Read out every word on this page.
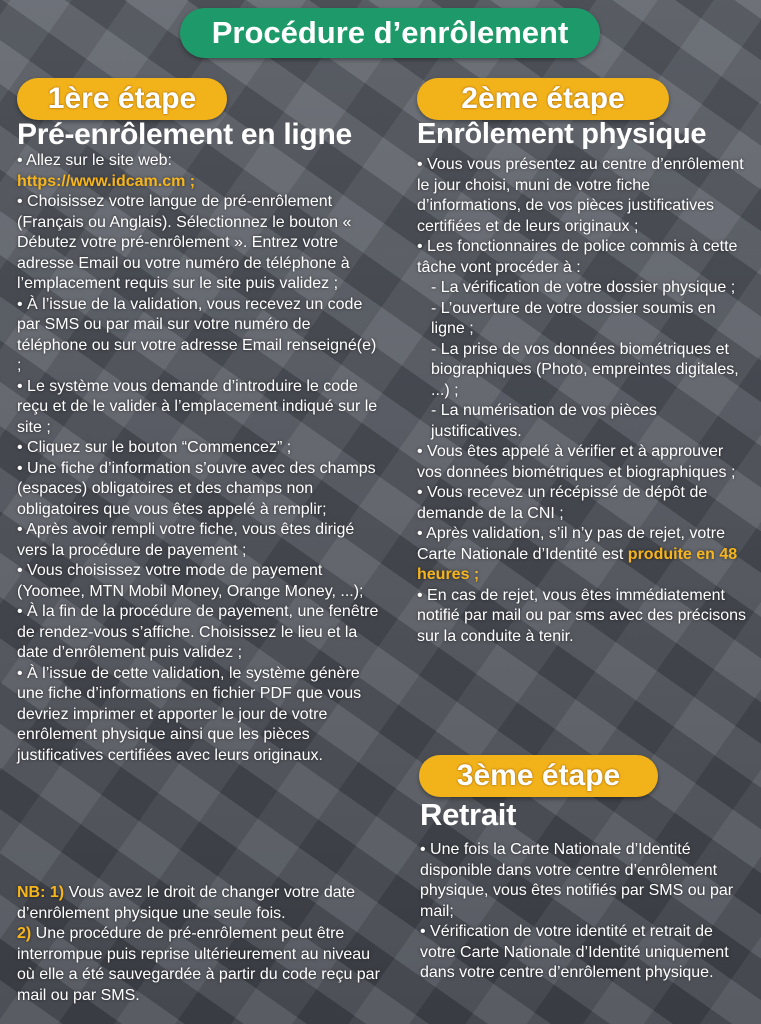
Procédure d’enrôlement
1ère étape
Pré-enrôlement en ligne

• Allez sur le site web:

https://www.idcam.cm ;

• Choisissez votre langue de pré-enrôlement (Français ou Anglais). Sélectionnez le bouton « Débutez votre pré-enrôlement ». Entrez votre adresse Email ou votre numéro de téléphone à l’emplacement requis sur le site puis validez ;

• À l’issue de la validation, vous recevez un code par SMS ou par mail sur votre numéro de téléphone ou sur votre adresse Email renseigné(e) ;

• Le système vous demande d’introduire le code reçu et de le valider à l’emplacement indiqué sur le site ;

• Cliquez sur le bouton “Commencez” ;

• Une fiche d’information s’ouvre avec des champs (espaces) obligatoires et des champs non obligatoires que vous êtes appelé à remplir;

• Après avoir rempli votre fiche, vous êtes dirigé vers la procédure de payement ;

• Vous choisissez votre mode de payement (Yoomee, MTN Mobil Money, Orange Money, ...);

• À la fin de la procédure de payement, une fenêtre de rendez-vous s’affiche. Choisissez le lieu et la date d’enrôlement puis validez ;

• À l’issue de cette validation, le système génère une fiche d’informations en fichier PDF que vous devriez imprimer et apporter le jour de votre enrôlement physique ainsi que les pièces justificatives certifiées avec leurs originaux.

NB: 1) Vous avez le droit de changer votre date d’enrôlement physique une seule fois.

2) Une procédure de pré-enrôlement peut être interrompue puis reprise ultérieurement au niveau où elle a été sauvegardée à partir du code reçu par mail ou par SMS.

2ème étape
Enrôlement physique

• Vous vous présentez au centre d’enrôlement le jour choisi, muni de votre fiche d’informations, de vos pièces justificatives certifiées et de leurs originaux ;

• Les fonctionnaires de police commis à cette tâche vont procéder à :

- La vérification de votre dossier physique ;

- L’ouverture de votre dossier soumis en ligne ;

- La prise de vos données biométriques et biographiques (Photo, empreintes digitales, ...) ;

- La numérisation de vos pièces justificatives.

• Vous êtes appelé à vérifier et à approuver vos données biométriques et biographiques ;

• Vous recevez un récépissé de dépôt de demande de la CNI ;

• Après validation, s’il n’y pas de rejet, votre Carte Nationale d’Identité est produite en 48 heures ;

• En cas de rejet, vous êtes immédiatement notifié par mail ou par sms avec des précisons sur la conduite à tenir.

3ème étape
Retrait

• Une fois la Carte Nationale d’Identité disponible dans votre centre d’enrôlement physique, vous êtes notifiés par SMS ou par mail;

• Vérification de votre identité et retrait de votre Carte Nationale d’Identité uniquement dans votre centre d’enrôlement physique.
